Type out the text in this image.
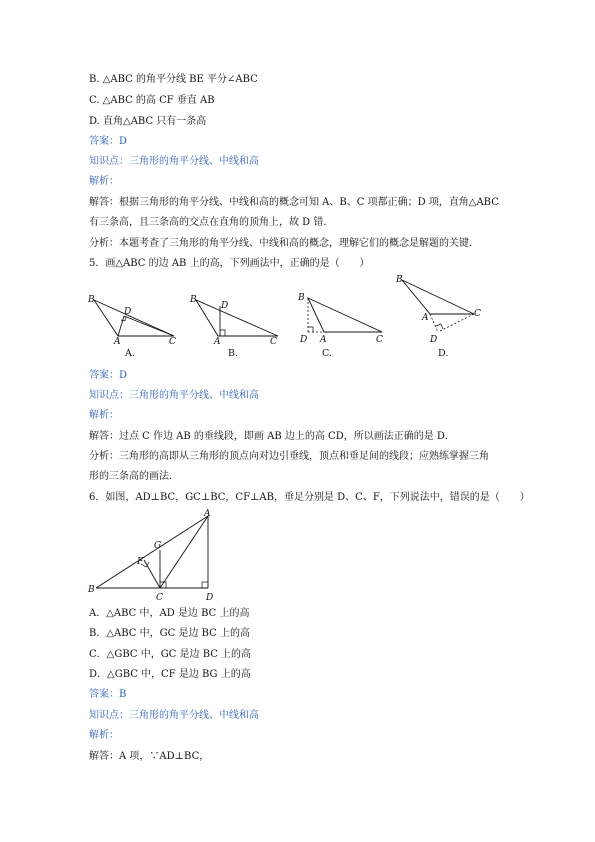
B. △ABC 的角平分线 BE 平分∠ABC
C. △ABC 的高 CF 垂直 AB
D. 直角△ABC 只有一条高
答案：D
知识点：三角形的角平分线、中线和高
解析：
解答：根据三角形的角平分线、中线和高的概念可知 A、B、C 项都正确；D 项，直角△ABC
有三条高，且三条高的交点在直角的顶角上，故 D 错．
分析：本题考查了三角形的角平分线、中线和高的概念，理解它们的概念是解题的关键．
5．画△ABC 的边 AB 上的高，下列画法中，正确的是（　　）
B
A	C
D
A.
B
D
A	C
B.
B
D A	C
C.
B
A	C
D
D.
答案：D
知识点：三角形的角平分线、中线和高
解析：
解答：过点 C 作边 AB 的垂线段，即画 AB 边上的高 CD，所以画法正确的是 D．
分析：三角形的高即从三角形的顶点向对边引垂线，顶点和垂足间的线段；应熟练掌握三角
形的三条高的画法．
6．如图，AD⊥BC，GC⊥BC，CF⊥AB，垂足分别是 D、C、F，下列说法中，错误的是（　　）
A
G
F
B
C	D
A．△ABC 中，AD 是边 BC 上的高
B．△ABC 中，GC 是边 BC 上的高
C．△GBC 中，GC 是边 BC 上的高
D．△GBC 中，CF 是边 BG 上的高
答案：B
知识点：三角形的角平分线、中线和高
解析：
解答：A 项，∵AD⊥BC，
